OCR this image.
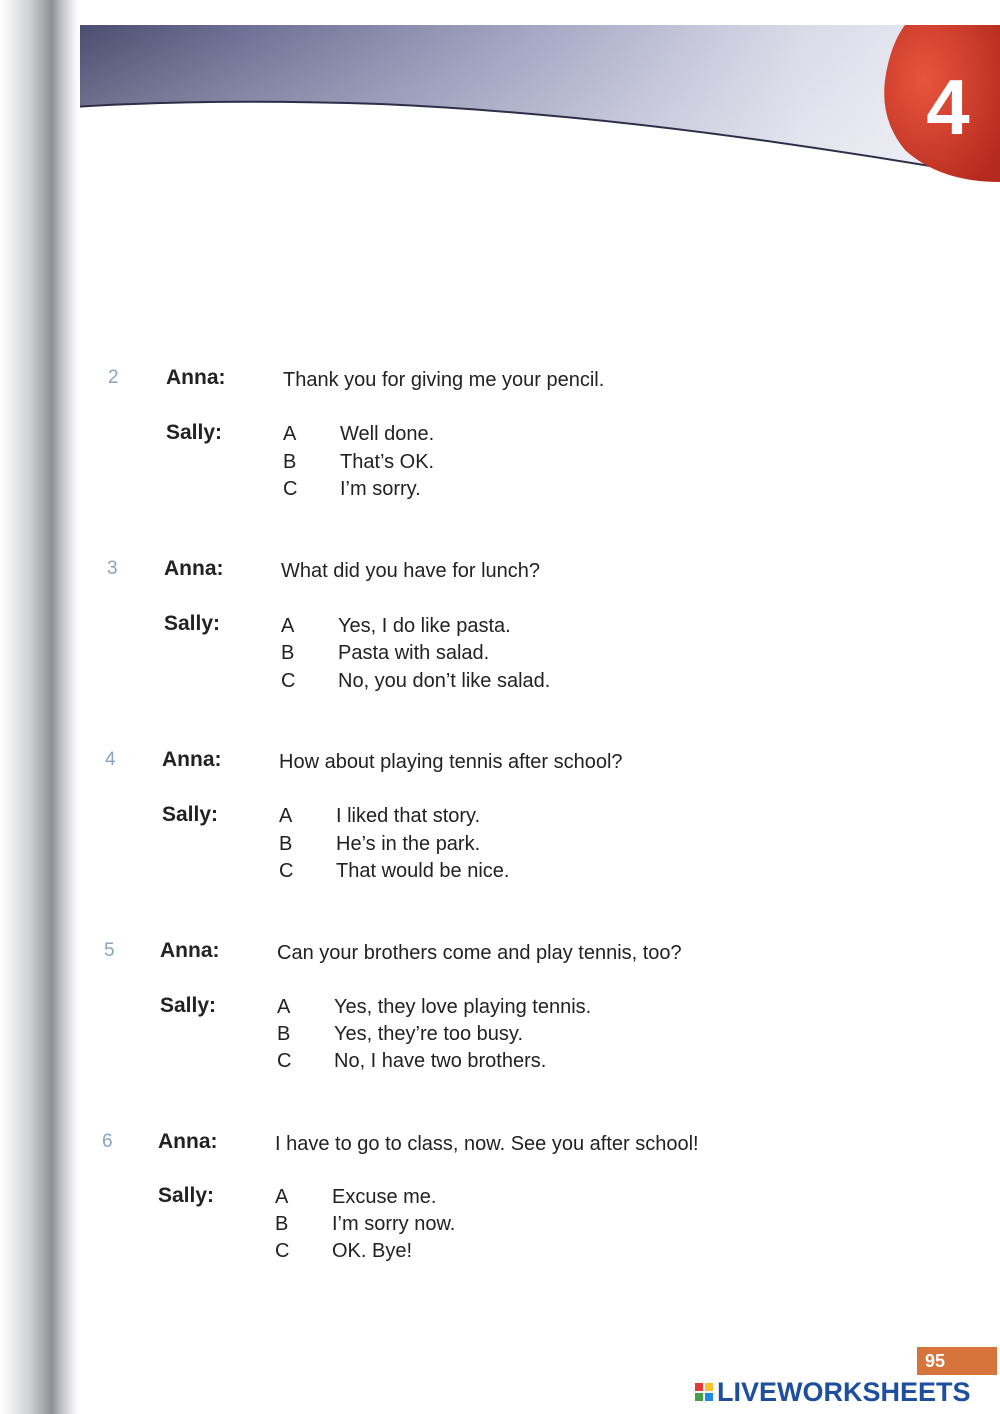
4
2 Anna:	Thank you for giving me your pencil.
Sally:	A Well done.
B That’s OK.
C I’m sorry.
3 Anna:	What did you have for lunch?
Sally:	A Yes, I do like pasta.
B Pasta with salad.
C No, you don’t like salad.
4 Anna:	How about playing tennis after school?
Sally:	A I liked that story.
B He’s in the park.
C That would be nice.
5 Anna:	Can your brothers come and play tennis, too?
Sally:	A Yes, they love playing tennis.
B Yes, they’re too busy.
C No, I have two brothers.
6 Anna:	I have to go to class, now. See you after school!
Sally:	A Excuse me.
B I’m sorry now.
C OK. Bye!
95
LIVEWORKSHEETS
